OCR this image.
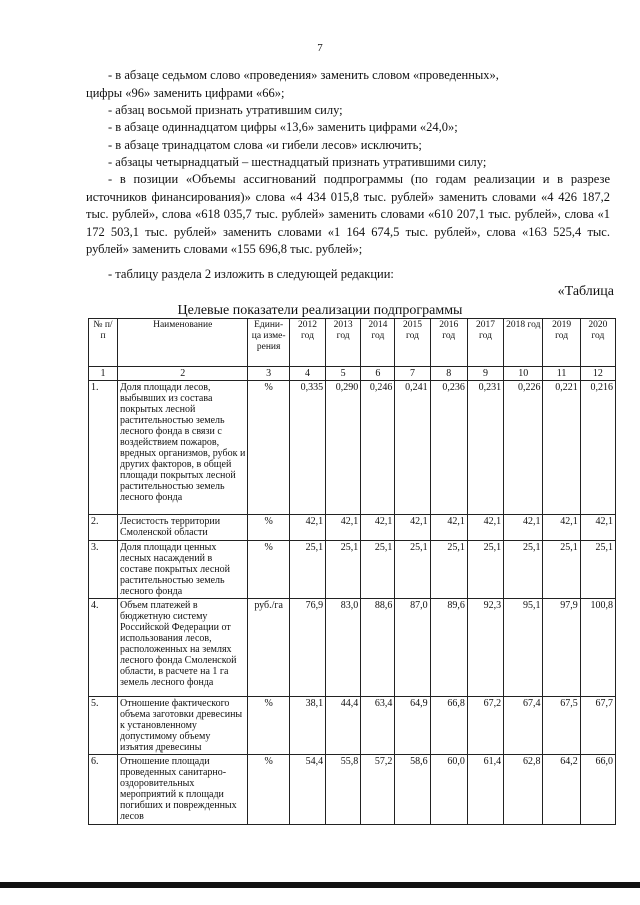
7
- в абзаце седьмом слово «проведения» заменить словом «проведенных»,
цифры «96» заменить цифрами «66»;
- абзац восьмой признать утратившим силу;
- в абзаце одиннадцатом цифры «13,6» заменить цифрами «24,0»;
- в абзаце тринадцатом слова «и гибели лесов» исключить;
- абзацы четырнадцатый – шестнадцатый признать утратившими силу;
- в позиции «Объемы ассигнований подпрограммы (по годам реализации и в разрезе источников финансирования)» слова «4 434 015,8 тыс. рублей» заменить словами «4 426 187,2 тыс. рублей», слова «618 035,7 тыс. рублей» заменить словами «610 207,1 тыс. рублей», слова «1 172 503,1 тыс. рублей» заменить словами «1 164 674,5 тыс. рублей», слова «163 525,4 тыс. рублей» заменить словами «155 696,8 тыс. рублей»;
- таблицу раздела 2 изложить в следующей редакции:
«Таблица
Целевые показатели реализации подпрограммы
№ п/п	Наименование	Едини- ца изме- рения	2012 год	2013 год	2014 год	2015 год	2016 год	2017 год	2018 год	2019 год	2020 год
1	2	3	4	5	6	7	8	9	10	11	12
1.	Доля площади лесов, выбывших из состава покрытых лесной растительностью земель лесного фонда в связи с воздействием пожаров, вредных организмов, рубок и других факторов, в общей площади покрытых лесной растительностью земель лесного фонда	%	0,335	0,290	0,246	0,241	0,236	0,231	0,226	0,221	0,216
2.	Лесистость территории Смоленской области	%	42,1	42,1	42,1	42,1	42,1	42,1	42,1	42,1	42,1
3.	Доля площади ценных лесных насаждений в составе покрытых лесной растительностью земель лесного фонда	%	25,1	25,1	25,1	25,1	25,1	25,1	25,1	25,1	25,1
4.	Объем платежей в бюджетную систему Российской Федерации от использования лесов, расположенных на землях лесного фонда Смоленской области, в расчете на 1 га земель лесного фонда	руб./га	76,9	83,0	88,6	87,0	89,6	92,3	95,1	97,9	100,8
5.	Отношение фактического объема заготовки древесины к установленному допустимому объему изъятия древесины	%	38,1	44,4	63,4	64,9	66,8	67,2	67,4	67,5	67,7
6.	Отношение площади проведенных санитарно-оздоровительных мероприятий к площади погибших и поврежденных лесов	%	54,4	55,8	57,2	58,6	60,0	61,4	62,8	64,2	66,0
